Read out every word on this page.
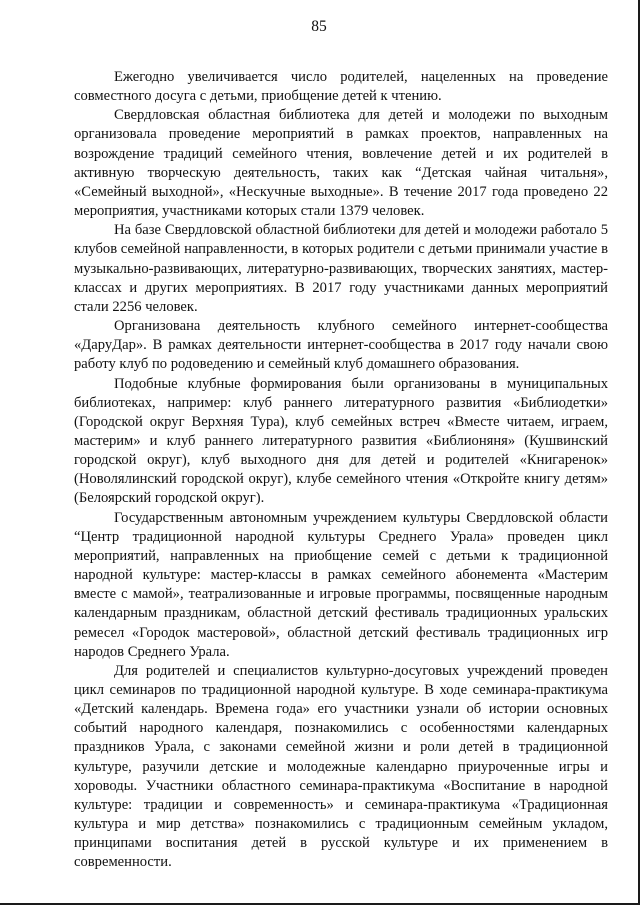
85

Ежегодно увеличивается число родителей, нацеленных на проведение совместного досуга с детьми, приобщение детей к чтению.

Свердловская областная библиотека для детей и молодежи по выходным организовала проведение мероприятий в рамках проектов, направленных на возрождение традиций семейного чтения, вовлечение детей и их родителей в активную творческую деятельность, таких как “Детская чайная читальня», «Семейный выходной», «Нескучные выходные». В течение 2017 года проведено 22 мероприятия, участниками которых стали 1379 человек.

На базе Свердловской областной библиотеки для детей и молодежи работало 5 клубов семейной направленности, в которых родители с детьми принимали участие в музыкально-развивающих, литературно-развивающих, творческих занятиях, мастер-классах и других мероприятиях. В 2017 году участниками данных мероприятий стали 2256 человек.

Организована деятельность клубного семейного интернет-сообщества «ДаруДар». В рамках деятельности интернет-сообщества в 2017 году начали свою работу клуб по родоведению и семейный клуб домашнего образования.

Подобные клубные формирования были организованы в муниципальных библиотеках, например: клуб раннего литературного развития «Библиодетки» (Городской округ Верхняя Тура), клуб семейных встреч «Вместе читаем, играем, мастерим» и клуб раннего литературного развития «Библионяня» (Кушвинский городской округ), клуб выходного дня для детей и родителей «Книгаренок» (Новолялинский городской округ), клубе семейного чтения «Откройте книгу детям» (Белоярский городской округ).

Государственным автономным учреждением культуры Свердловской области “Центр традиционной народной культуры Среднего Урала» проведен цикл мероприятий, направленных на приобщение семей с детьми к традиционной народной культуре: мастер-классы в рамках семейного абонемента «Мастерим вместе с мамой», театрализованные и игровые программы, посвященные народным календарным праздникам, областной детский фестиваль традиционных уральских ремесел «Городок мастеровой», областной детский фестиваль традиционных игр народов Среднего Урала.

Для родителей и специалистов культурно-досуговых учреждений проведен цикл семинаров по традиционной народной культуре. В ходе семинара-практикума «Детский календарь. Времена года» его участники узнали об истории основных событий народного календаря, познакомились с особенностями календарных праздников Урала, с законами семейной жизни и роли детей в традиционной культуре, разучили детские и молодежные календарно приуроченные игры и хороводы. Участники областного семинара-практикума «Воспитание в народной культуре: традиции и современность» и семинара-практикума «Традиционная культура и мир детства» познакомились с традиционным семейным укладом, принципами воспитания детей в русской культуре и их применением в современности.
